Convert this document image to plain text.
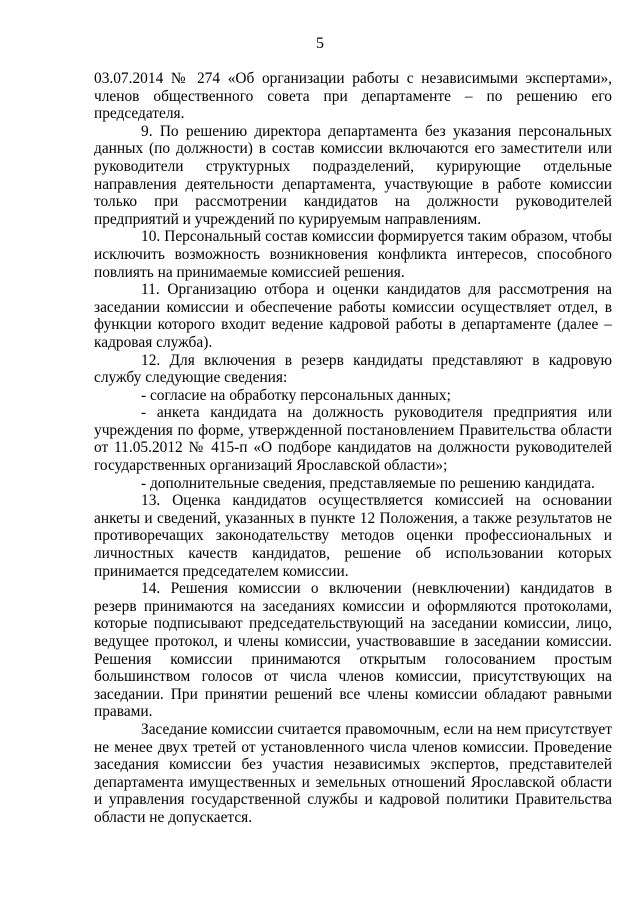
5

03.07.2014 № 274 «Об организации работы с независимыми экспертами», членов общественного совета при департаменте – по решению его председателя.

9. По решению директора департамента без указания персональных данных (по должности) в состав комиссии включаются его заместители или руководители структурных подразделений, курирующие отдельные направления деятельности департамента, участвующие в работе комиссии только при рассмотрении кандидатов на должности руководителей предприятий и учреждений по курируемым направлениям.

10. Персональный состав комиссии формируется таким образом, чтобы исключить возможность возникновения конфликта интересов, способного повлиять на принимаемые комиссией решения.

11. Организацию отбора и оценки кандидатов для рассмотрения на заседании комиссии и обеспечение работы комиссии осуществляет отдел, в функции которого входит ведение кадровой работы в департаменте (далее – кадровая служба).

12. Для включения в резерв кандидаты представляют в кадровую службу следующие сведения:

- согласие на обработку персональных данных;

- анкета кандидата на должность руководителя предприятия или учреждения по форме, утвержденной постановлением Правительства области от 11.05.2012 № 415-п «О подборе кандидатов на должности руководителей государственных организаций Ярославской области»;

- дополнительные сведения, представляемые по решению кандидата.

13. Оценка кандидатов осуществляется комиссией на основании анкеты и сведений, указанных в пункте 12 Положения, а также результатов не противоречащих законодательству методов оценки профессиональных и личностных качеств кандидатов, решение об использовании которых принимается председателем комиссии.

14. Решения комиссии о включении (невключении) кандидатов в резерв принимаются на заседаниях комиссии и оформляются протоколами, которые подписывают председательствующий на заседании комиссии, лицо, ведущее протокол, и члены комиссии, участвовавшие в заседании комиссии. Решения комиссии принимаются открытым голосованием простым большинством голосов от числа членов комиссии, присутствующих на заседании. При принятии решений все члены комиссии обладают равными правами.

Заседание комиссии считается правомочным, если на нем присутствует не менее двух третей от установленного числа членов комиссии. Проведение заседания комиссии без участия независимых экспертов, представителей департамента имущественных и земельных отношений Ярославской области и управления государственной службы и кадровой политики Правительства области не допускается.
